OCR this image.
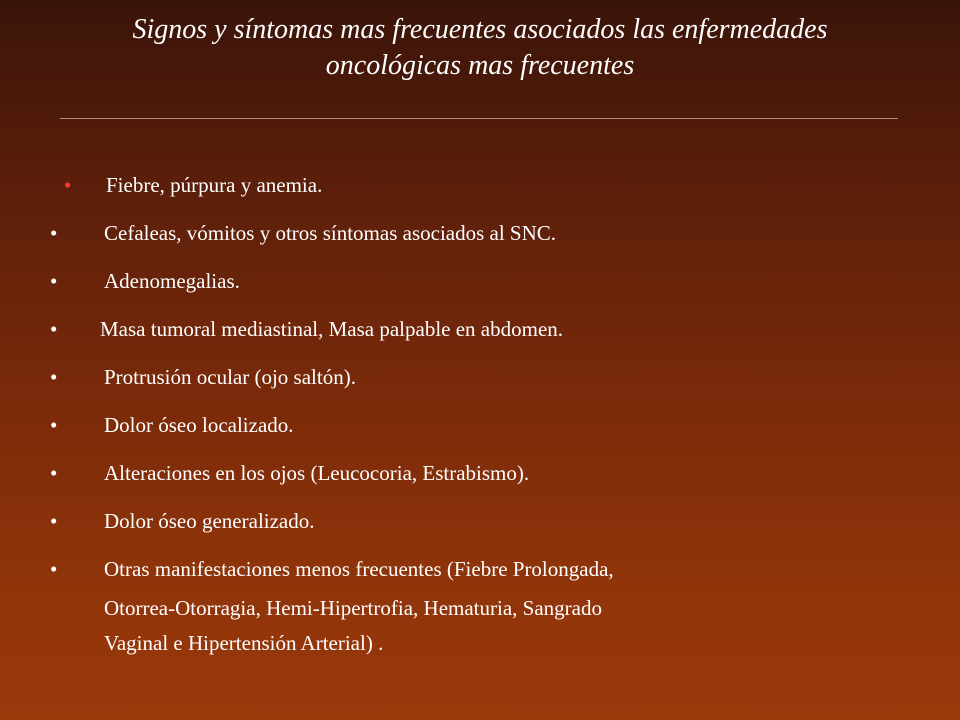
Signos y síntomas mas frecuentes asociados las enfermedades
oncológicas mas frecuentes
• Fiebre, púrpura y anemia.
• Cefaleas, vómitos y otros síntomas asociados al SNC.
• Adenomegalias.
• Masa tumoral mediastinal, Masa palpable en abdomen.
• Protrusión ocular (ojo saltón).
• Dolor óseo localizado.
• Alteraciones en los ojos (Leucocoria, Estrabismo).
• Dolor óseo generalizado.
• Otras manifestaciones menos frecuentes (Fiebre Prolongada,
Otorrea-Otorragia, Hemi-Hipertrofia, Hematuria, Sangrado
Vaginal e Hipertensión Arterial) .
